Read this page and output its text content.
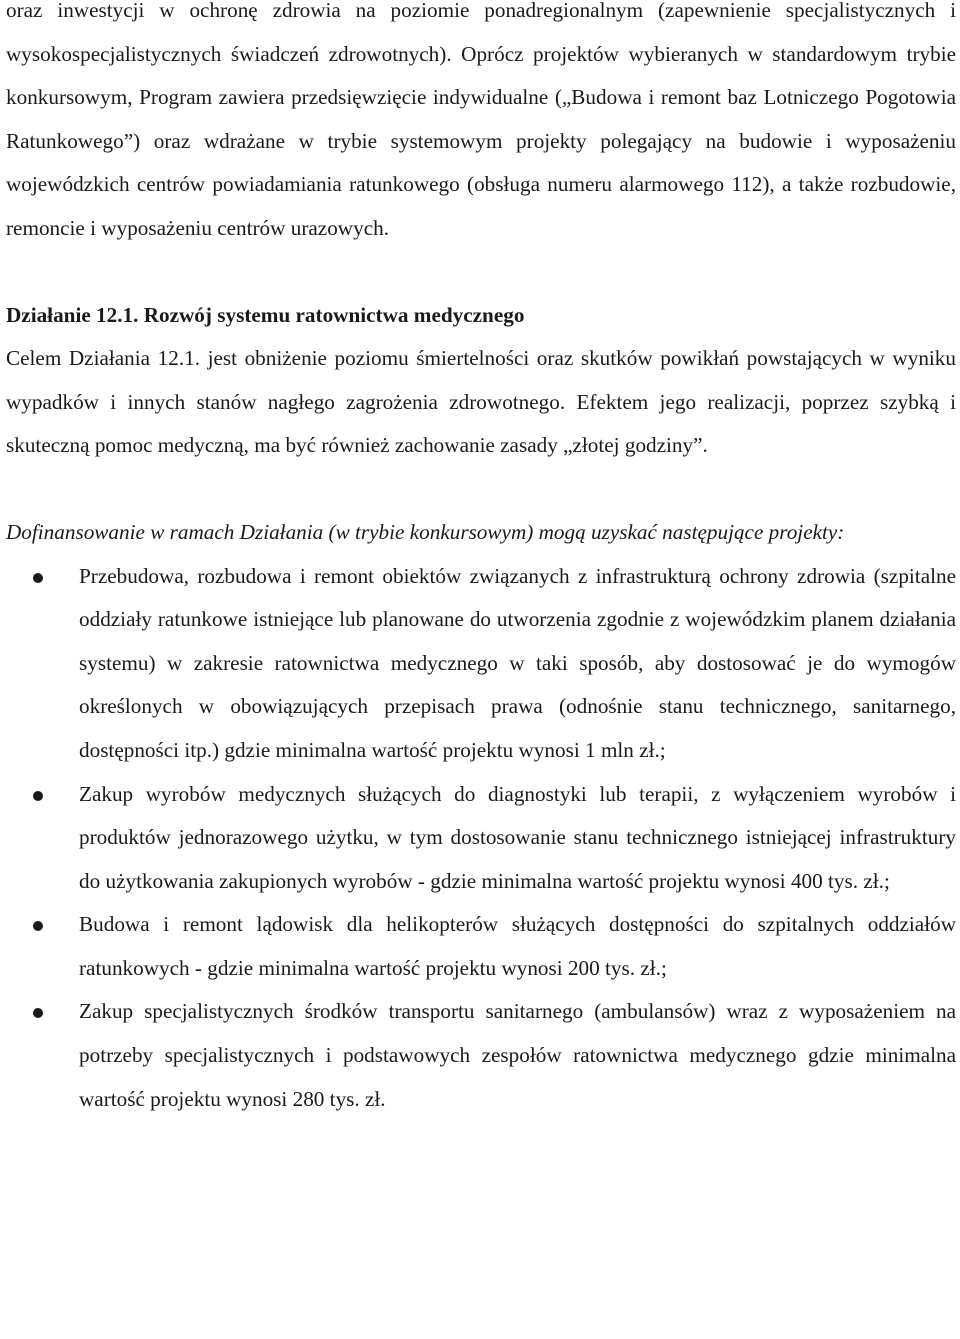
oraz inwestycji w ochronę zdrowia na poziomie ponadregionalnym (zapewnienie specjalistycznych i wysokospecjalistycznych świadczeń zdrowotnych). Oprócz projektów wybieranych w standardowym trybie konkursowym, Program zawiera przedsięwzięcie indywidualne („Budowa i remont baz Lotniczego Pogotowia Ratunkowego”) oraz wdrażane w trybie systemowym projekty polegający na budowie i wyposażeniu wojewódzkich centrów powiadamiania ratunkowego (obsługa numeru alarmowego 112), a także rozbudowie, remoncie i wyposażeniu centrów urazowych.

Działanie 12.1. Rozwój systemu ratownictwa medycznego

Celem Działania 12.1. jest obniżenie poziomu śmiertelności oraz skutków powikłań powstających w wyniku wypadków i innych stanów nagłego zagrożenia zdrowotnego. Efektem jego realizacji, poprzez szybką i skuteczną pomoc medyczną, ma być również zachowanie zasady „złotej godziny”.

Dofinansowanie w ramach Działania (w trybie konkursowym) mogą uzyskać następujące projekty:

Przebudowa, rozbudowa i remont obiektów związanych z infrastrukturą ochrony zdrowia (szpitalne oddziały ratunkowe istniejące lub planowane do utworzenia zgodnie z wojewódzkim planem działania systemu) w zakresie ratownictwa medycznego w taki sposób, aby dostosować je do wymogów określonych w obowiązujących przepisach prawa (odnośnie stanu technicznego, sanitarnego, dostępności itp.) gdzie minimalna wartość projektu wynosi 1 mln zł.;
Zakup wyrobów medycznych służących do diagnostyki lub terapii, z wyłączeniem wyrobów i produktów jednorazowego użytku, w tym dostosowanie stanu technicznego istniejącej infrastruktury do użytkowania zakupionych wyrobów - gdzie minimalna wartość projektu wynosi 400 tys. zł.;
Budowa i remont lądowisk dla helikopterów służących dostępności do szpitalnych oddziałów ratunkowych - gdzie minimalna wartość projektu wynosi 200 tys. zł.;
Zakup specjalistycznych środków transportu sanitarnego (ambulansów) wraz z wyposażeniem na potrzeby specjalistycznych i podstawowych zespołów ratownictwa medycznego gdzie minimalna wartość projektu wynosi 280 tys. zł.
